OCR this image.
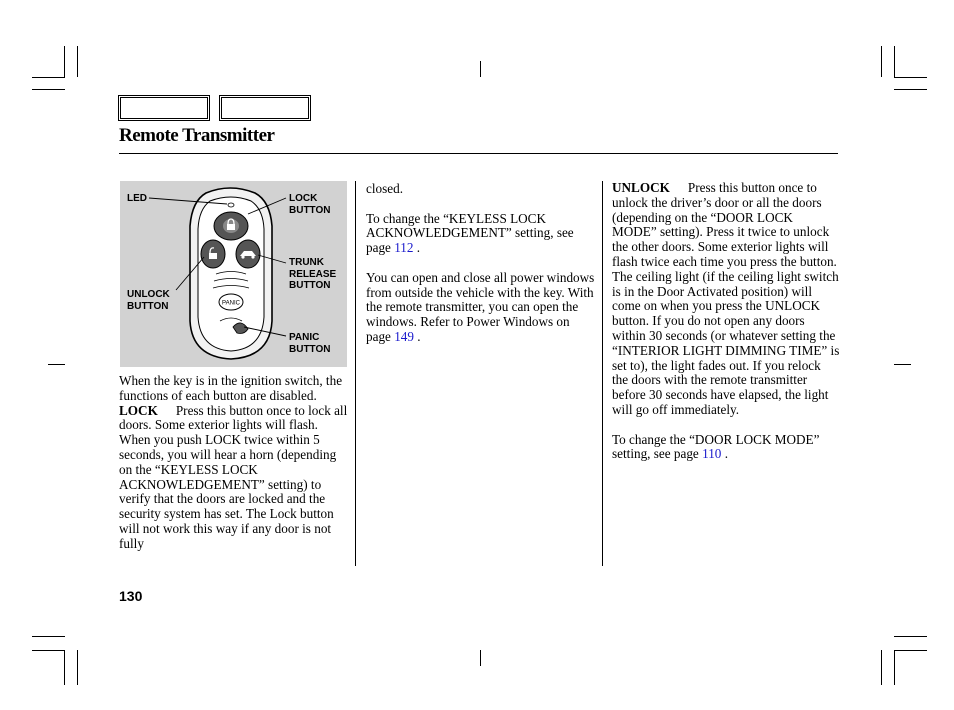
Remote Transmitter
PANIC
LED	LOCK
BUTTON
TRUNK
RELEASE
BUTTON
UNLOCK
BUTTON
PANIC
BUTTON

When the key is in the ignition switch, the functions of each button are disabled.

LOCK Press this button once to lock all doors. Some exterior lights will flash. When you push LOCK twice within 5 seconds, you will hear a horn (depending on the “KEYLESS LOCK ACKNOWLEDGEMENT” setting) to verify that the doors are locked and the security system has set. The Lock button will not work this way if any door is not fully

closed.

To change the “KEYLESS LOCK ACKNOWLEDGEMENT” setting, see page 112 .

You can open and close all power windows from outside the vehicle with the key. With the remote transmitter, you can open the windows. Refer to Power Windows on page 149 .

UNLOCK Press this button once to unlock the driver’s door or all the doors (depending on the “DOOR LOCK MODE” setting). Press it twice to unlock the other doors. Some exterior lights will flash twice each time you press the button.

The ceiling light (if the ceiling light switch is in the Door Activated position) will come on when you press the UNLOCK button. If you do not open any doors within 30 seconds (or whatever setting the “INTERIOR LIGHT DIMMING TIME” is set to), the light fades out. If you relock the doors with the remote transmitter before 30 seconds have elapsed, the light will go off immediately.

To change the “DOOR LOCK MODE” setting, see page 110 .

130
